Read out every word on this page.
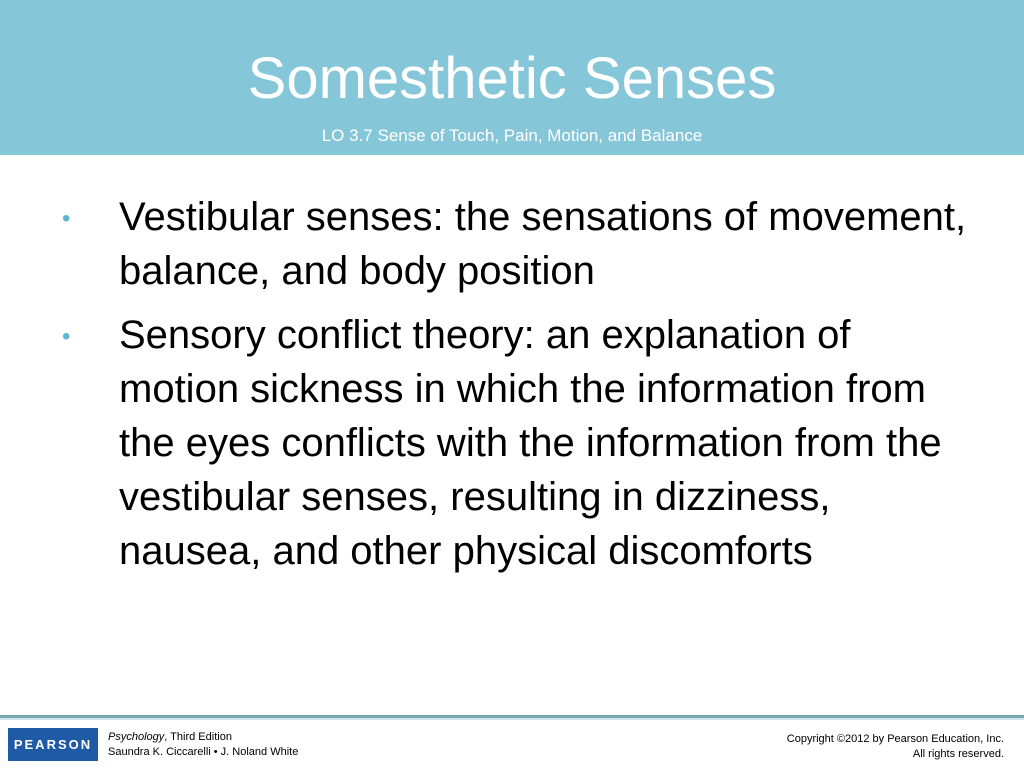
Somesthetic Senses
LO 3.7 Sense of Touch, Pain, Motion, and Balance
• Vestibular senses: the sensations of movement, balance, and body position
• Sensory conflict theory: an explanation of motion sickness in which the information from the eyes conflicts with the information from the vestibular senses, resulting in dizziness, nausea, and other physical discomforts
PEARSON	Psychology, Third Edition
Saundra K. Ciccarelli • J. Noland White
Copyright ©2012 by Pearson Education, Inc.
All rights reserved.
